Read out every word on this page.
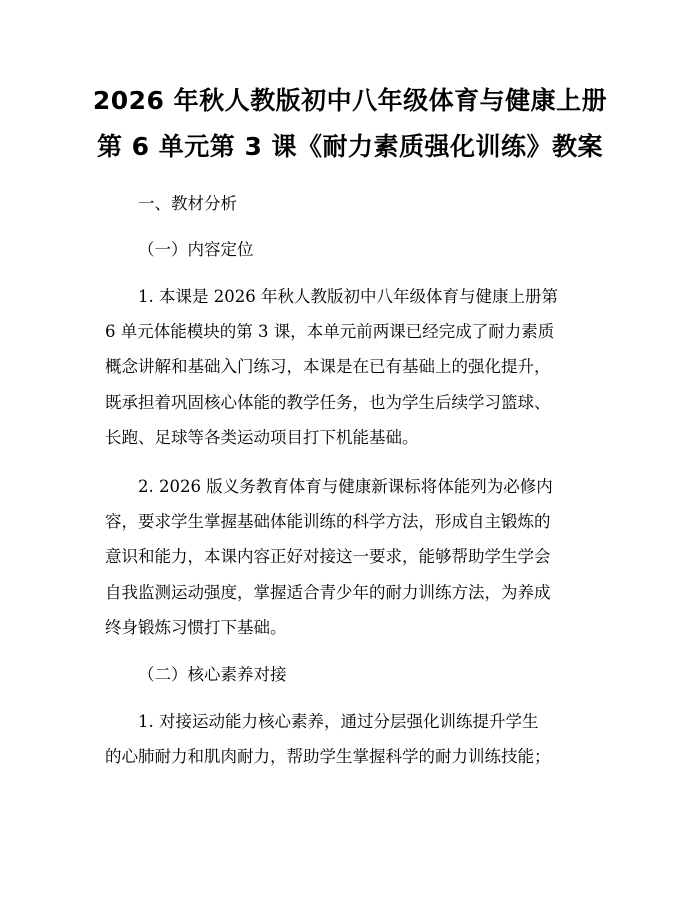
2026 年秋人教版初中八年级体育与健康上册
第 6 单元第 3 课《耐力素质强化训练》教案
一、教材分析
（一）内容定位
1. 本课是 2026 年秋人教版初中八年级体育与健康上册第
6 单元体能模块的第 3 课，本单元前两课已经完成了耐力素质
概念讲解和基础入门练习，本课是在已有基础上的强化提升，
既承担着巩固核心体能的教学任务，也为学生后续学习篮球、
长跑、足球等各类运动项目打下机能基础。
2. 2026 版义务教育体育与健康新课标将体能列为必修内
容，要求学生掌握基础体能训练的科学方法，形成自主锻炼的
意识和能力，本课内容正好对接这一要求，能够帮助学生学会
自我监测运动强度，掌握适合青少年的耐力训练方法，为养成
终身锻炼习惯打下基础。
（二）核心素养对接
1. 对接运动能力核心素养，通过分层强化训练提升学生
的心肺耐力和肌肉耐力，帮助学生掌握科学的耐力训练技能；
